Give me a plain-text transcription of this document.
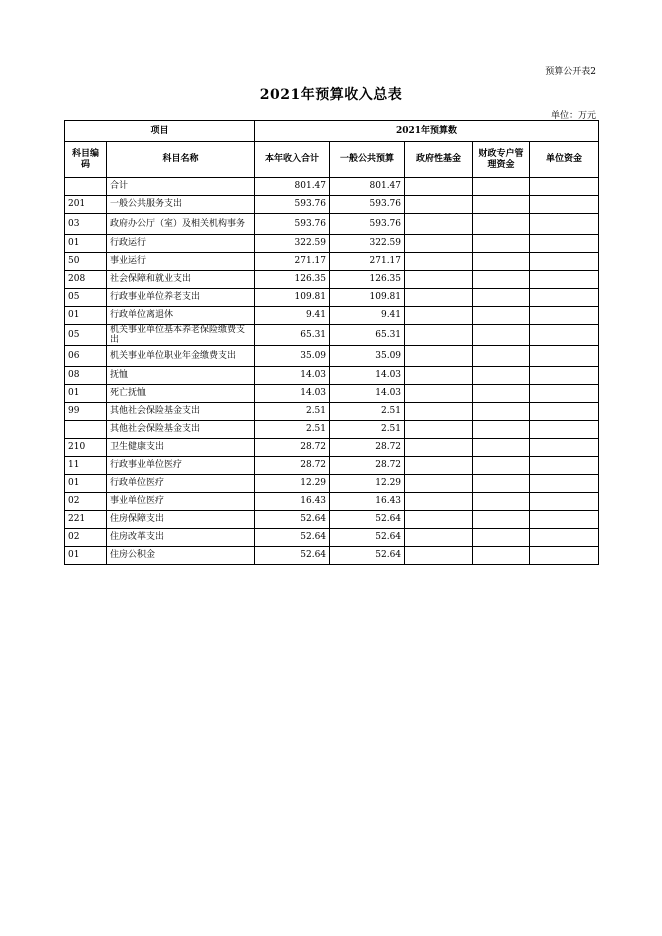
预算公开表2
2021年预算收入总表
单位：万元
项目		2021年预算数				
科目编码	科目名称	本年收入合计	一般公共预算	政府性基金	财政专户管理资金	单位资金
	合计	801.47	801.47			
201	一般公共服务支出	593.76	593.76			
03	政府办公厅（室）及相关机构事务	593.76	593.76			
01	行政运行	322.59	322.59			
50	事业运行	271.17	271.17			
208	社会保障和就业支出	126.35	126.35			
05	行政事业单位养老支出	109.81	109.81			
01	行政单位离退休	9.41	9.41			
05	机关事业单位基本养老保险缴费支出	65.31	65.31			
06	机关事业单位职业年金缴费支出	35.09	35.09			
08	抚恤	14.03	14.03			
01	死亡抚恤	14.03	14.03			
99	其他社会保险基金支出	2.51	2.51			
	其他社会保险基金支出	2.51	2.51			
210	卫生健康支出	28.72	28.72			
11	行政事业单位医疗	28.72	28.72			
01	行政单位医疗	12.29	12.29			
02	事业单位医疗	16.43	16.43			
221	住房保障支出	52.64	52.64			
02	住房改革支出	52.64	52.64			
01	住房公积金	52.64	52.64			
